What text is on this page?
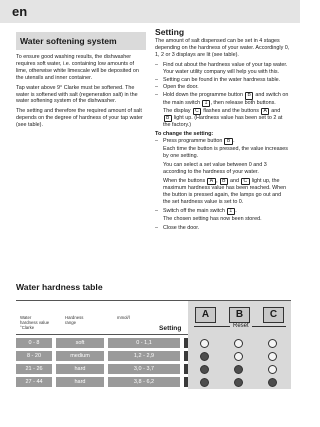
en
Water softening system

To ensure good washing results, the dishwasher requires soft water, i.e. containing low amounts of lime, otherwise white limescale will be deposited on the utensils and inner container.

Tap water above 9° Clarke must be softened. The water is softened with salt (regeneration salt) in the water softening system of the dishwasher.

The setting and therefore the required amount of salt depends on the degree of hardness of your tap water (see table).

Setting

The amount of salt dispensed can be set in 4 stages depending on the hardness of your water. Accordingly 0, 1, 2 or 3 displays are lit (see table).

– Find out about the hardness value of your tap water. Your water utility company will help you with this.
– Setting can be found in the water hardness table.
– Open the door.
– Hold down the programme button B and switch on the main switch 1 , then release both buttons.
The display C flashes and the buttons A and B light up. (Hardness value has been set to 2 at the factory.)
To change the setting:
– Press programme button B .
Each time the button is pressed, the value increases by one setting.
You can select a set value between 0 and 3 according to the hardness of your water.
When the buttons A , B and C light up, the maximum hardness value has been reached. When the button is pressed again, the lamps go out and the set hardness value is set to 0.
– Switch off the main switch 1 .
The chosen setting has now been stored.
– Close the door.
Water hardness table
Water hardness value °Clarke
Hardness range
mmol/l
Setting
0 - 8	soft	0 - 1,1
8 - 20	medium	1,2 - 2,9
21 - 26	hard	3,0 - 3,7
27 - 44	hard	3,8 - 6,2
A	B	C
Reset
